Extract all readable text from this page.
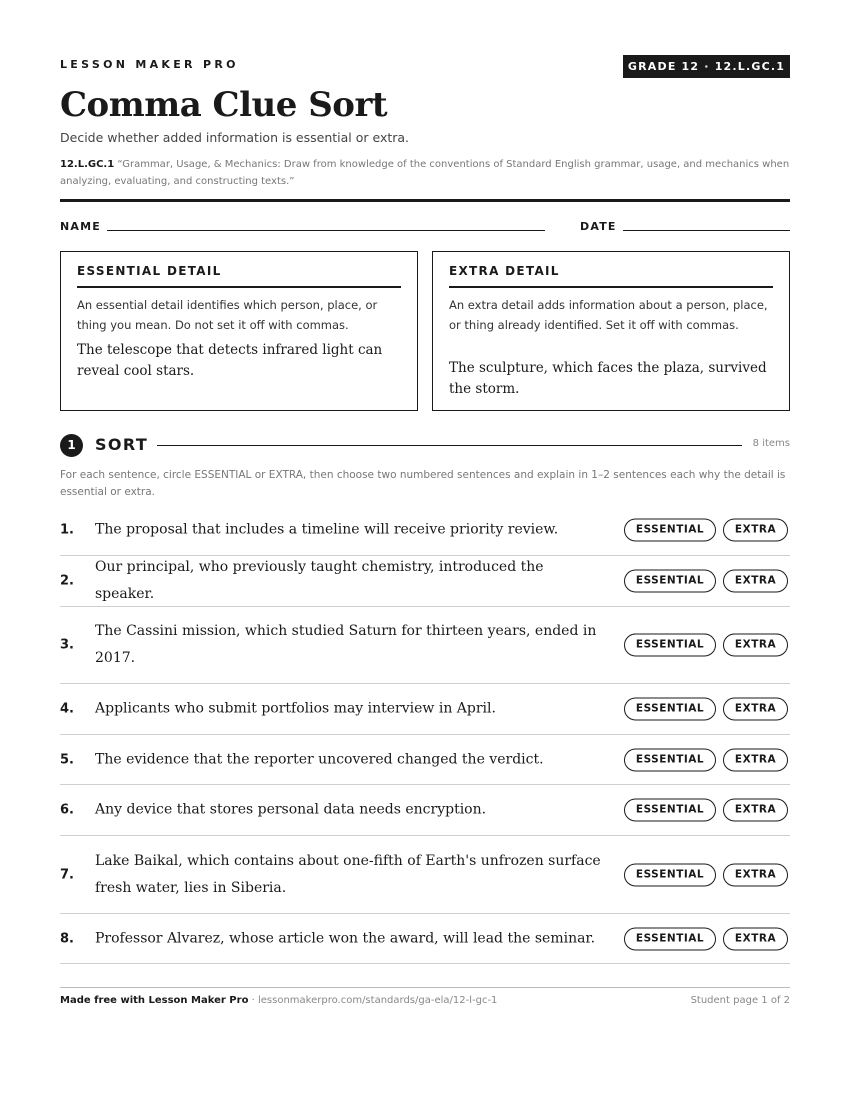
LESSON MAKER PRO	GRADE 12 · 12.L.GC.1
Comma Clue Sort
Decide whether added information is essential or extra.
12.L.GC.1 “Grammar, Usage, & Mechanics: Draw from knowledge of the conventions of Standard English grammar, usage, and mechanics when analyzing, evaluating, and constructing texts.”
NAME	DATE
ESSENTIAL DETAIL
An essential detail identifies which person, place, or thing you mean. Do not set it off with commas.
The telescope that detects infrared light can reveal cool stars.
EXTRA DETAIL
An extra detail adds information about a person, place, or thing already identified. Set it off with commas.
The sculpture, which faces the plaza, survived the storm.
1	SORT	8 items
For each sentence, circle ESSENTIAL or EXTRA, then choose two numbered sentences and explain in 1–2 sentences each why the detail is essential or extra.
1. The proposal that includes a timeline will receive priority review.	ESSENTIAL	EXTRA
2.
Our principal, who previously taught chemistry, introduced the speaker.
ESSENTIAL	EXTRA
3.
The Cassini mission, which studied Saturn for thirteen years, ended in 2017.
ESSENTIAL	EXTRA
4. Applicants who submit portfolios may interview in April.	ESSENTIAL	EXTRA
5. The evidence that the reporter uncovered changed the verdict.	ESSENTIAL	EXTRA
6. Any device that stores personal data needs encryption.	ESSENTIAL	EXTRA
7.
Lake Baikal, which contains about one-fifth of Earth's unfrozen surface fresh water, lies in Siberia.
ESSENTIAL	EXTRA
8. Professor Alvarez, whose article won the award, will lead the seminar.	ESSENTIAL	EXTRA
Made free with Lesson Maker Pro · lessonmakerpro.com/standards/ga-ela/12-l-gc-1	Student page 1 of 2
